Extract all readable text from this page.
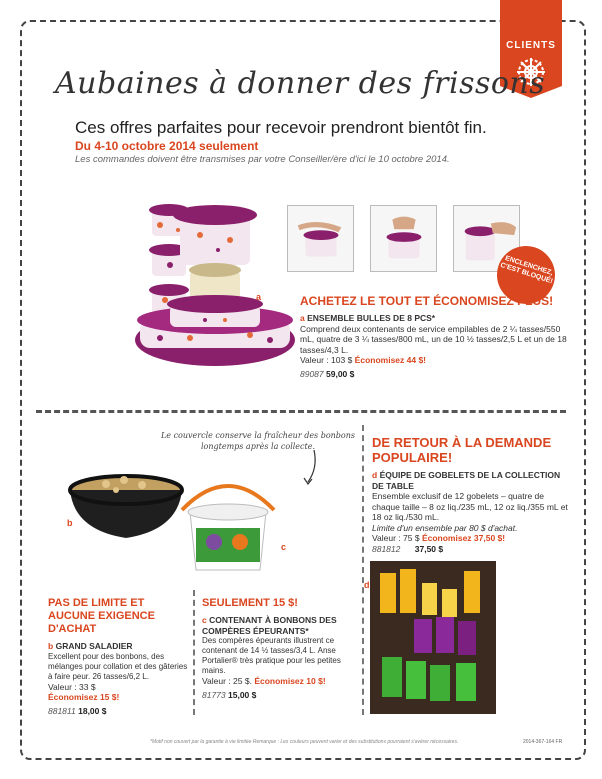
CLIENTS
Aubaines à donner des frissons
Ces offres parfaites pour recevoir prendront bientôt fin.
Du 4-10 octobre 2014 seulement
Les commandes doivent être transmises par votre Conseiller/ère d'ici le 10 octobre 2014.
a
ENCLENCHEZ, C'EST BLOQUÉ!
ACHETEZ LE TOUT ET ÉCONOMISEZ PLUS!
a ENSEMBLE BULLES DE 8 PCS*
Comprend deux contenants de service empilables de 2 ¼ tasses/550 mL, quatre de 3 ¼ tasses/800 mL, un de 10 ½ tasses/2,5 L et un de 18 tasses/4,3 L.
Valeur : 103 $ Économisez 44 $!
89087 59,00 $
Le couvercle conserve la fraîcheur des bonbons longtemps après la collecte.
b
c
PAS DE LIMITE ET AUCUNE EXIGENCE D'ACHAT
b GRAND SALADIER
Excellent pour des bonbons, des mélanges pour collation et des gâteries à faire peur. 26 tasses/6,2 L.
Valeur : 33 $
Économisez 15 $!
881811 18,00 $
SEULEMENT 15 $!
c CONTENANT À BONBONS DES COMPÈRES ÉPEURANTS*
Des compères épeurants illustrent ce contenant de 14 ½ tasses/3,4 L. Anse Portalier® très pratique pour les petites mains.
Valeur : 25 $. Économisez 10 $!
81773 15,00 $
DE RETOUR À LA DEMANDE POPULAIRE!
d ÉQUIPE DE GOBELETS DE LA COLLECTION DE TABLE
Ensemble exclusif de 12 gobelets – quatre de chaque taille – 8 oz liq./235 mL, 12 oz liq./355 mL et 18 oz liq./530 mL.
Limite d'un ensemble par 80 $ d'achat.
Valeur : 75 $ Économisez 37,50 $!
881812 37,50 $
d
*Motif non couvert par la garantie à vie limitée Remarque : Les couleurs peuvent varier et des substitutions pourraient s'avérer nécessaires.	2014-367-164 FR
